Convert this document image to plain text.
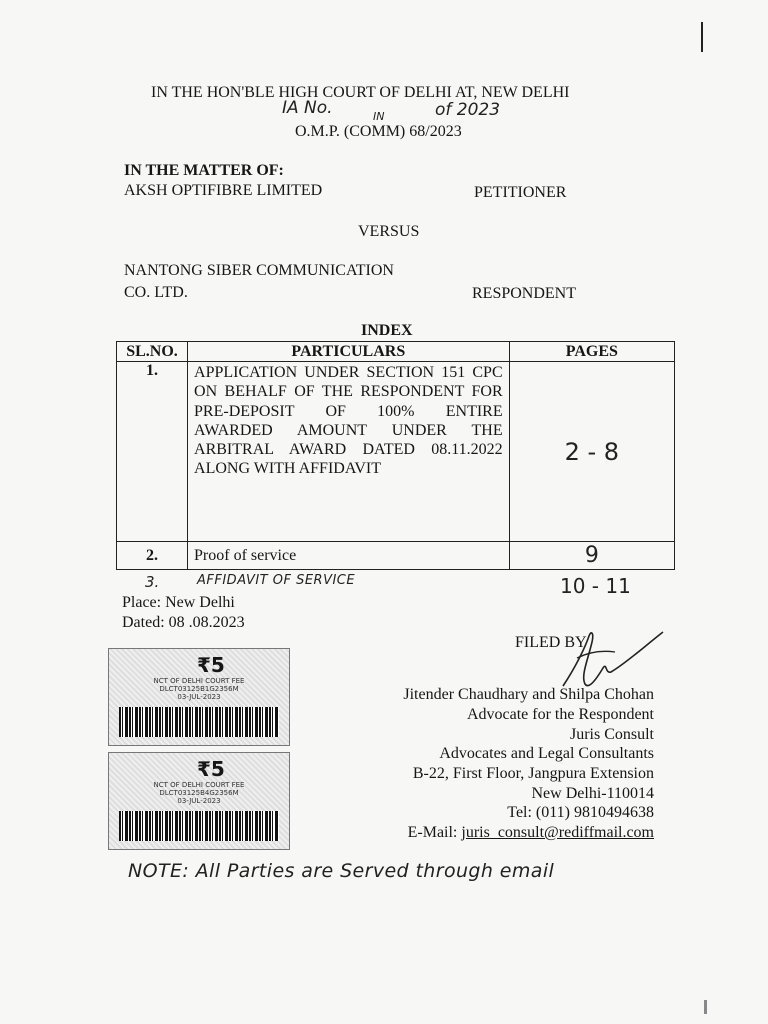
IN THE HON'BLE HIGH COURT OF DELHI AT, NEW DELHI
IA No.	IN	of 2023
O.M.P. (COMM) 68/2023
IN THE MATTER OF:
AKSH OPTIFIBRE LIMITED	PETITIONER
VERSUS
NANTONG SIBER COMMUNICATION
CO. LTD.	RESPONDENT
INDEX
SL.NO.	PARTICULARS	PAGES
1.	APPLICATION UNDER SECTION 151 CPC ON BEHALF OF THE RESPONDENT FOR PRE-DEPOSIT OF 100% ENTIRE AWARDED AMOUNT UNDER THE ARBITRAL AWARD DATED 08.11.2022 ALONG WITH AFFIDAVIT	2 - 8
2.	Proof of service	9
3.	AFFIDAVIT OF SERVICE	10 - 11
Place: New Delhi
Dated: 08 .08.2023
₹5
NCT OF DELHI COURT FEE
DLCT03125B1G2356M
03-JUL-2023
₹5
NCT OF DELHI COURT FEE
DLCT03125B4G2356M
03-JUL-2023
FILED BY
Jitender Chaudhary and Shilpa Chohan
Advocate for the Respondent
Juris Consult
Advocates and Legal Consultants
B-22, First Floor, Jangpura Extension
New Delhi-110014
Tel: (011) 9810494638
E-Mail: juris_consult@rediffmail.com
NOTE: All Parties are Served through email
